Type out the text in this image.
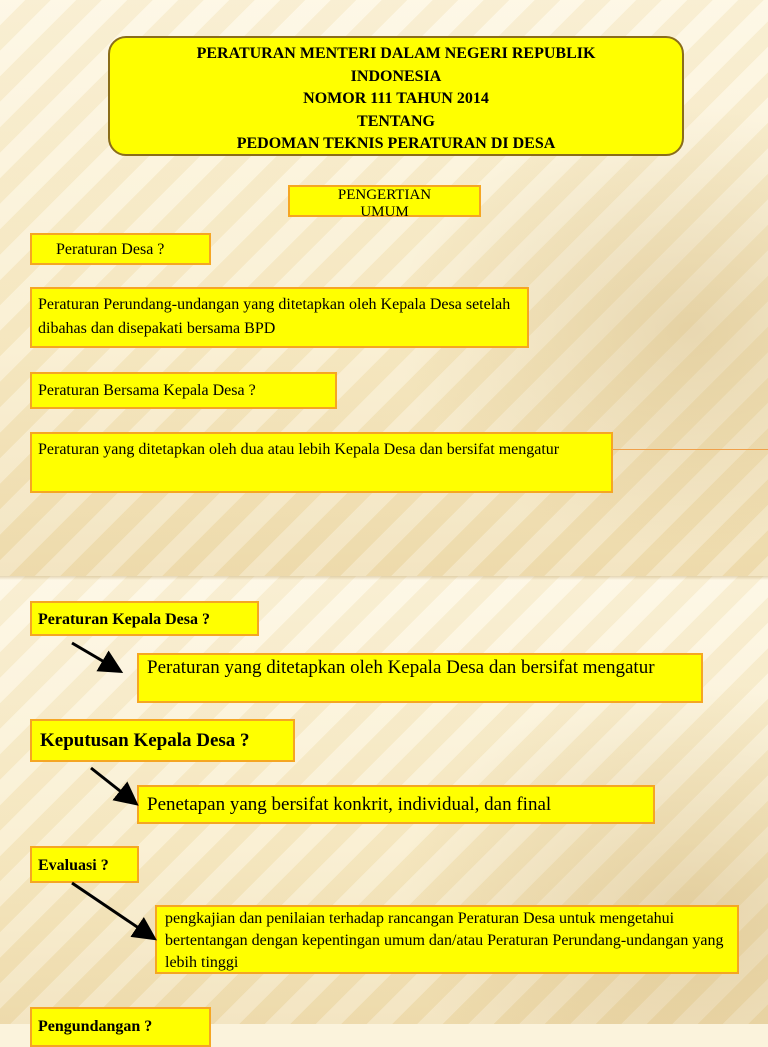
PERATURAN MENTERI DALAM NEGERI REPUBLIK
INDONESIA
NOMOR 111 TAHUN 2014
TENTANG
PEDOMAN TEKNIS PERATURAN DI DESA
PENGERTIAN UMUM
Peraturan Desa ?
Peraturan Perundang-undangan yang ditetapkan oleh Kepala Desa setelah dibahas dan disepakati bersama BPD
Peraturan Bersama Kepala Desa ?
Peraturan yang ditetapkan oleh dua atau lebih Kepala Desa dan bersifat mengatur
Peraturan Kepala Desa ?
Peraturan yang ditetapkan oleh Kepala Desa dan bersifat mengatur
Keputusan Kepala Desa ?
Penetapan yang bersifat konkrit, individual, dan final
Evaluasi ?
pengkajian dan penilaian terhadap rancangan Peraturan Desa untuk mengetahui bertentangan dengan kepentingan umum dan/atau Peraturan Perundang-undangan yang lebih tinggi
Pengundangan ?
